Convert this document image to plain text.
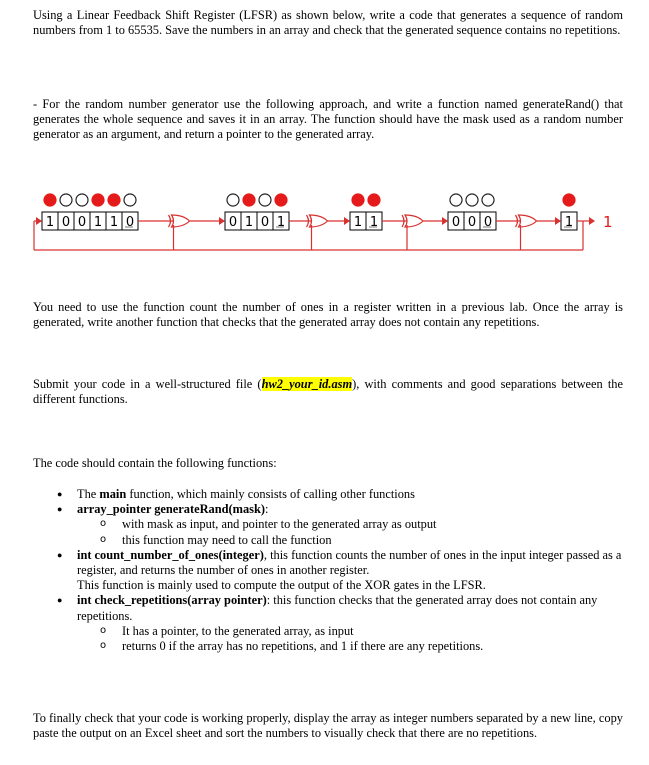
Using a Linear Feedback Shift Register (LFSR) as shown below, write a code that generates a sequence of random numbers from 1 to 65535. Save the numbers in an array and check that the generated sequence contains no repetitions.

- For the random number generator use the following approach, and write a function named generateRand() that generates the whole sequence and saves it in an array. The function should have the mask used as a random number generator as an argument, and return a pointer to the generated array.

1 0 0 1 1 0	0 1 0 1	1 1	0 0 0	1 1

You need to use the function count the number of ones in a register written in a previous lab. Once the array is generated, write another function that checks that the generated array does not contain any repetitions.

Submit your code in a well-structured file (hw2_your_id.asm), with comments and good separations between the different functions.

The code should contain the following functions:

● The main function, which mainly consists of calling other functions
● array_pointer generateRand(mask):
o with mask as input, and pointer to the generated array as output
o this function may need to call the function
● int count_number_of_ones(integer), this function counts the number of ones in the input integer passed as a register, and returns the number of ones in another register.
This function is mainly used to compute the output of the XOR gates in the LFSR.
● int check_repetitions(array pointer): this function checks that the generated array does not contain any repetitions.
o It has a pointer, to the generated array, as input
o returns 0 if the array has no repetitions, and 1 if there are any repetitions.

To finally check that your code is working properly, display the array as integer numbers separated by a new line, copy paste the output on an Excel sheet and sort the numbers to visually check that there are no repetitions.
